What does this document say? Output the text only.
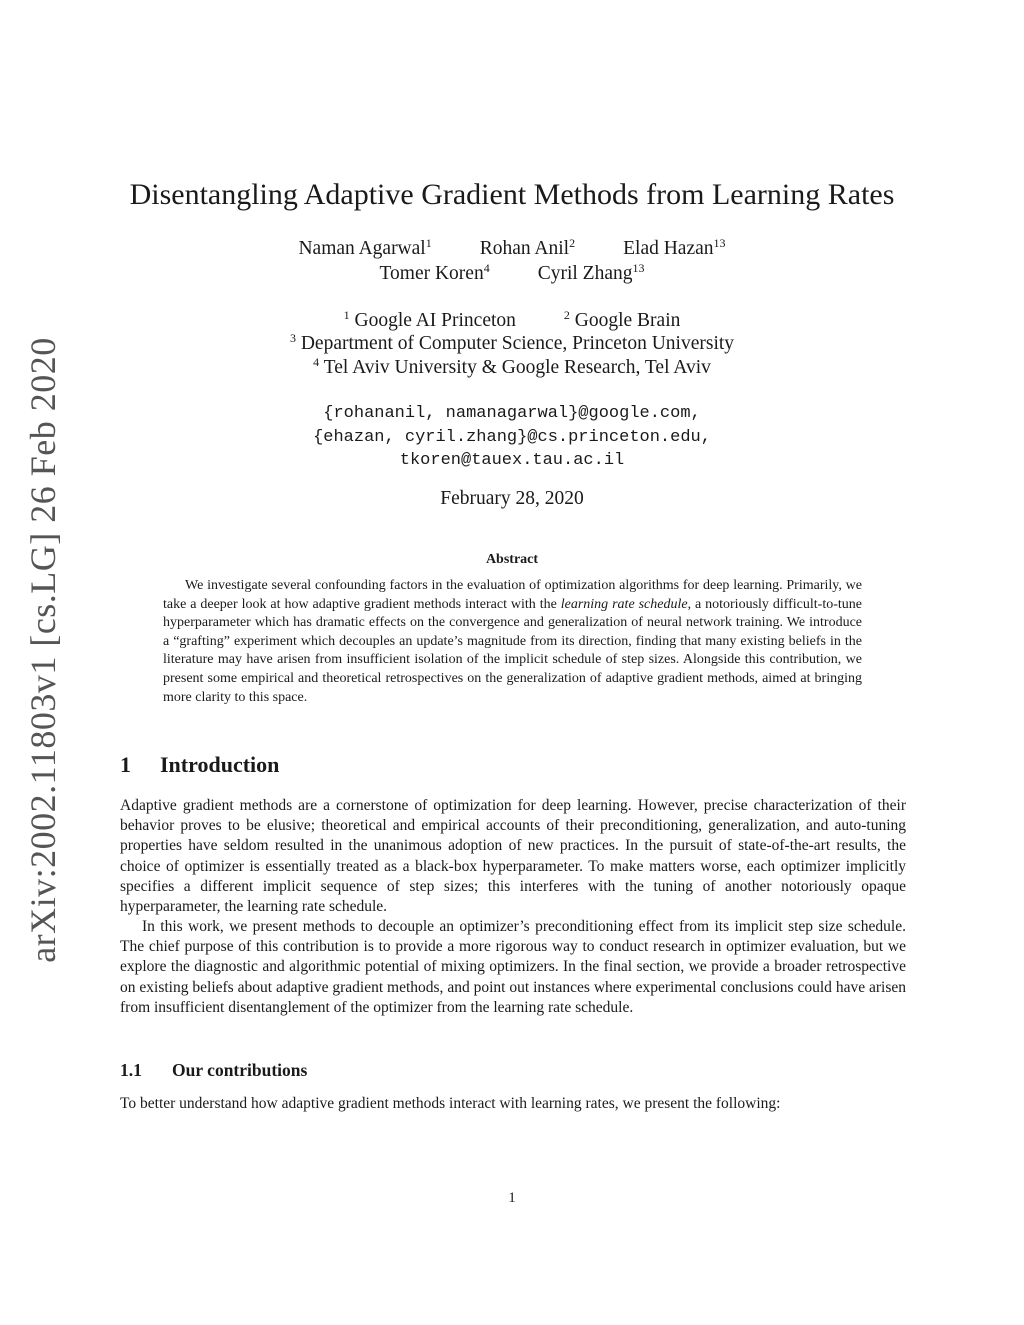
arXiv:2002.11803v1 [cs.LG] 26 Feb 2020
Disentangling Adaptive Gradient Methods from Learning Rates
Naman Agarwal$^1$ Rohan Anil$^2$ Elad Hazan$^{13}$
Tomer Koren$^4$ Cyril Zhang$^{13}$
$^1$ Google AI Princeton	$^2$ Google Brain
$^3$ Department of Computer Science, Princeton University
$^4$ Tel Aviv University & Google Research, Tel Aviv
{rohananil, namanagarwal}@google.com,
{ehazan, cyril.zhang}@cs.princeton.edu,
tkoren@tauex.tau.ac.il
February 28, 2020
Abstract

We investigate several confounding factors in the evaluation of optimization algorithms for deep learning. Primarily, we take a deeper look at how adaptive gradient methods interact with the learning rate schedule, a notoriously difficult-to-tune hyperparameter which has dramatic effects on the convergence and generalization of neural network training. We introduce a “grafting” experiment which decouples an update’s magnitude from its direction, finding that many existing beliefs in the literature may have arisen from insufficient isolation of the implicit schedule of step sizes. Alongside this contribution, we present some empirical and theoretical retrospectives on the generalization of adaptive gradient methods, aimed at bringing more clarity to this space.

1 Introduction

Adaptive gradient methods are a cornerstone of optimization for deep learning. However, precise characterization of their behavior proves to be elusive; theoretical and empirical accounts of their preconditioning, generalization, and auto-tuning properties have seldom resulted in the unanimous adoption of new practices. In the pursuit of state-of-the-art results, the choice of optimizer is essentially treated as a black-box hyperparameter. To make matters worse, each optimizer implicitly specifies a different implicit sequence of step sizes; this interferes with the tuning of another notoriously opaque hyperparameter, the learning rate schedule.

In this work, we present methods to decouple an optimizer’s preconditioning effect from its implicit step size schedule. The chief purpose of this contribution is to provide a more rigorous way to conduct research in optimizer evaluation, but we explore the diagnostic and algorithmic potential of mixing optimizers. In the final section, we provide a broader retrospective on existing beliefs about adaptive gradient methods, and point out instances where experimental conclusions could have arisen from insufficient disentanglement of the optimizer from the learning rate schedule.

1.1 Our contributions

To better understand how adaptive gradient methods interact with learning rates, we present the following:

1
